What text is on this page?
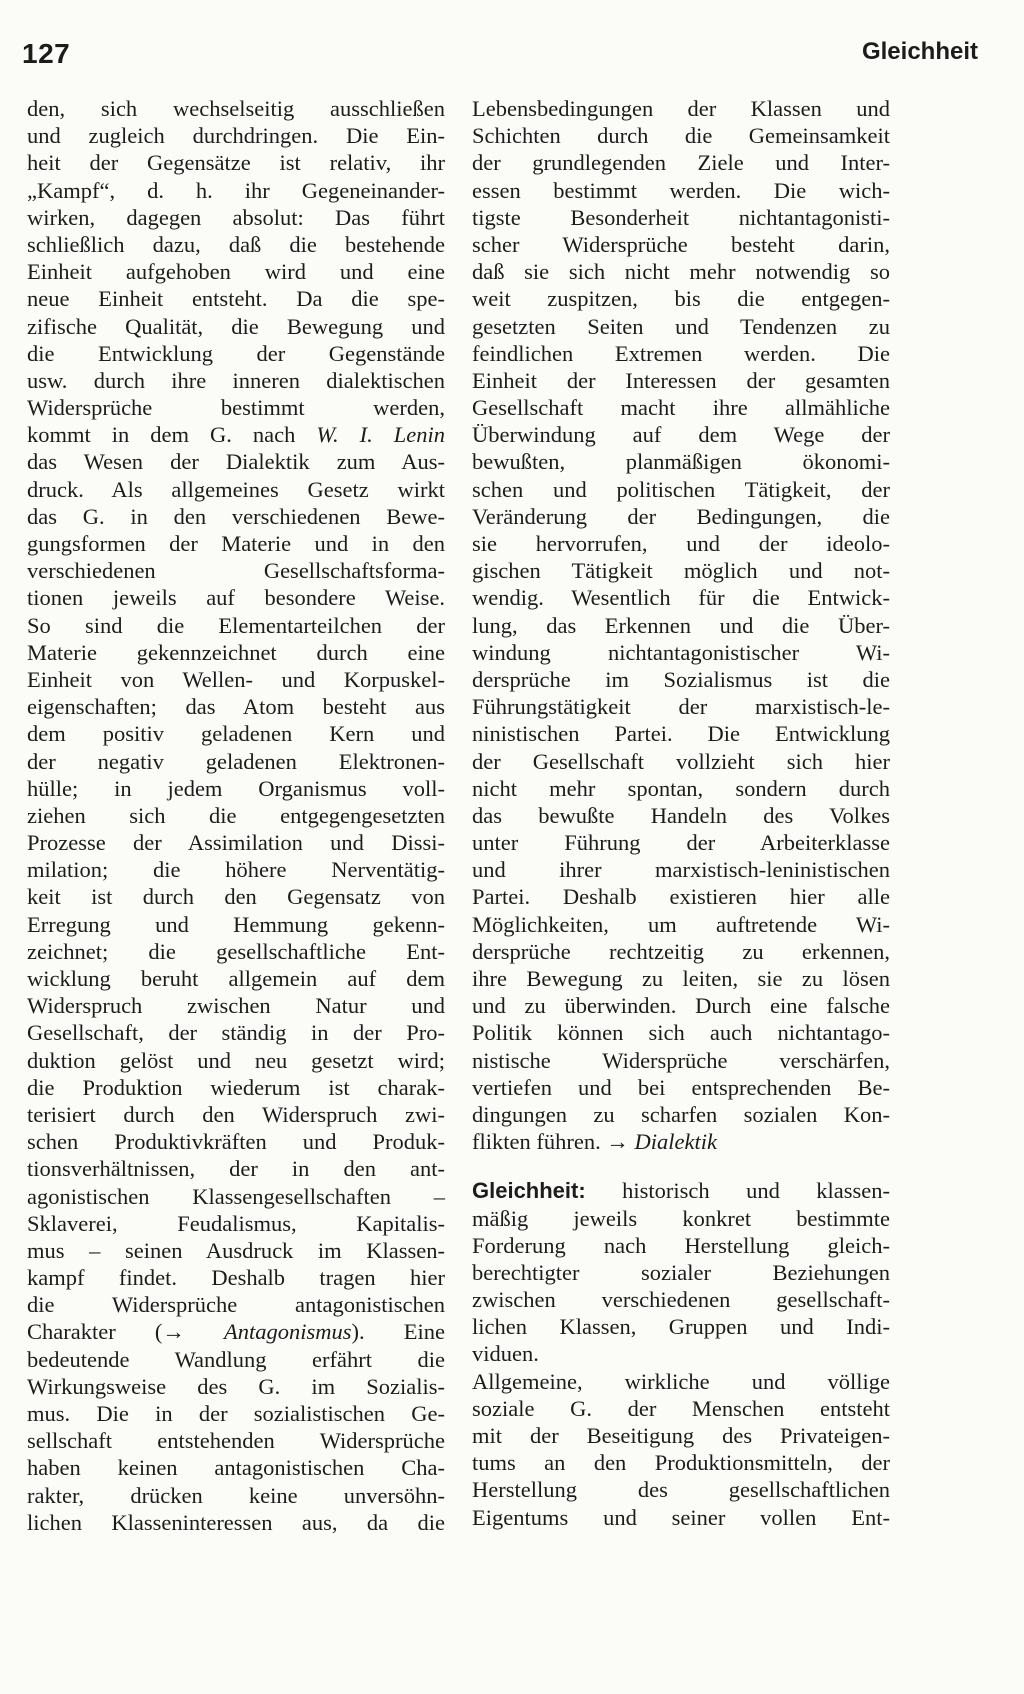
127	Gleichheit
den, sich wechselseitig ausschließen
und zugleich durchdringen. Die Ein-
heit der Gegensätze ist relativ, ihr
„Kampf“, d. h. ihr Gegeneinander-
wirken, dagegen absolut: Das führt
schließlich dazu, daß die bestehende
Einheit aufgehoben wird und eine
neue Einheit entsteht. Da die spe-
zifische Qualität, die Bewegung und
die Entwicklung der Gegenstände
usw. durch ihre inneren dialektischen
Widersprüche bestimmt werden,
kommt in dem G. nach W. I. Lenin
das Wesen der Dialektik zum Aus-
druck. Als allgemeines Gesetz wirkt
das G. in den verschiedenen Bewe-
gungsformen der Materie und in den
verschiedenen Gesellschaftsforma-
tionen jeweils auf besondere Weise.
So sind die Elementarteilchen der
Materie gekennzeichnet durch eine
Einheit von Wellen- und Korpuskel-
eigenschaften; das Atom besteht aus
dem positiv geladenen Kern und
der negativ geladenen Elektronen-
hülle; in jedem Organismus voll-
ziehen sich die entgegengesetzten
Prozesse der Assimilation und Dissi-
milation; die höhere Nerventätig-
keit ist durch den Gegensatz von
Erregung und Hemmung gekenn-
zeichnet; die gesellschaftliche Ent-
wicklung beruht allgemein auf dem
Widerspruch zwischen Natur und
Gesellschaft, der ständig in der Pro-
duktion gelöst und neu gesetzt wird;
die Produktion wiederum ist charak-
terisiert durch den Widerspruch zwi-
schen Produktivkräften und Produk-
tionsverhältnissen, der in den ant-
agonistischen Klassengesellschaften –
Sklaverei, Feudalismus, Kapitalis-
mus – seinen Ausdruck im Klassen-
kampf findet. Deshalb tragen hier
die Widersprüche antagonistischen
Charakter (→ Antagonismus). Eine
bedeutende Wandlung erfährt die
Wirkungsweise des G. im Sozialis-
mus. Die in der sozialistischen Ge-
sellschaft entstehenden Widersprüche
haben keinen antagonistischen Cha-
rakter, drücken keine unversöhn-
lichen Klasseninteressen aus, da die
Lebensbedingungen der Klassen und
Schichten durch die Gemeinsamkeit
der grundlegenden Ziele und Inter-
essen bestimmt werden. Die wich-
tigste Besonderheit nichtantagonisti-
scher Widersprüche besteht darin,
daß sie sich nicht mehr notwendig so
weit zuspitzen, bis die entgegen-
gesetzten Seiten und Tendenzen zu
feindlichen Extremen werden. Die
Einheit der Interessen der gesamten
Gesellschaft macht ihre allmähliche
Überwindung auf dem Wege der
bewußten, planmäßigen ökonomi-
schen und politischen Tätigkeit, der
Veränderung der Bedingungen, die
sie hervorrufen, und der ideolo-
gischen Tätigkeit möglich und not-
wendig. Wesentlich für die Entwick-
lung, das Erkennen und die Über-
windung nichtantagonistischer Wi-
dersprüche im Sozialismus ist die
Führungstätigkeit der marxistisch-le-
ninistischen Partei. Die Entwicklung
der Gesellschaft vollzieht sich hier
nicht mehr spontan, sondern durch
das bewußte Handeln des Volkes
unter Führung der Arbeiterklasse
und ihrer marxistisch-leninistischen
Partei. Deshalb existieren hier alle
Möglichkeiten, um auftretende Wi-
dersprüche rechtzeitig zu erkennen,
ihre Bewegung zu leiten, sie zu lösen
und zu überwinden. Durch eine falsche
Politik können sich auch nichtantago-
nistische Widersprüche verschärfen,
vertiefen und bei entsprechenden Be-
dingungen zu scharfen sozialen Kon-
flikten führen. → Dialektik
Gleichheit: historisch und klassen-
mäßig jeweils konkret bestimmte
Forderung nach Herstellung gleich-
berechtigter sozialer Beziehungen
zwischen verschiedenen gesellschaft-
lichen Klassen, Gruppen und Indi-
viduen.
Allgemeine, wirkliche und völlige
soziale G. der Menschen entsteht
mit der Beseitigung des Privateigen-
tums an den Produktionsmitteln, der
Herstellung des gesellschaftlichen
Eigentums und seiner vollen Ent-
